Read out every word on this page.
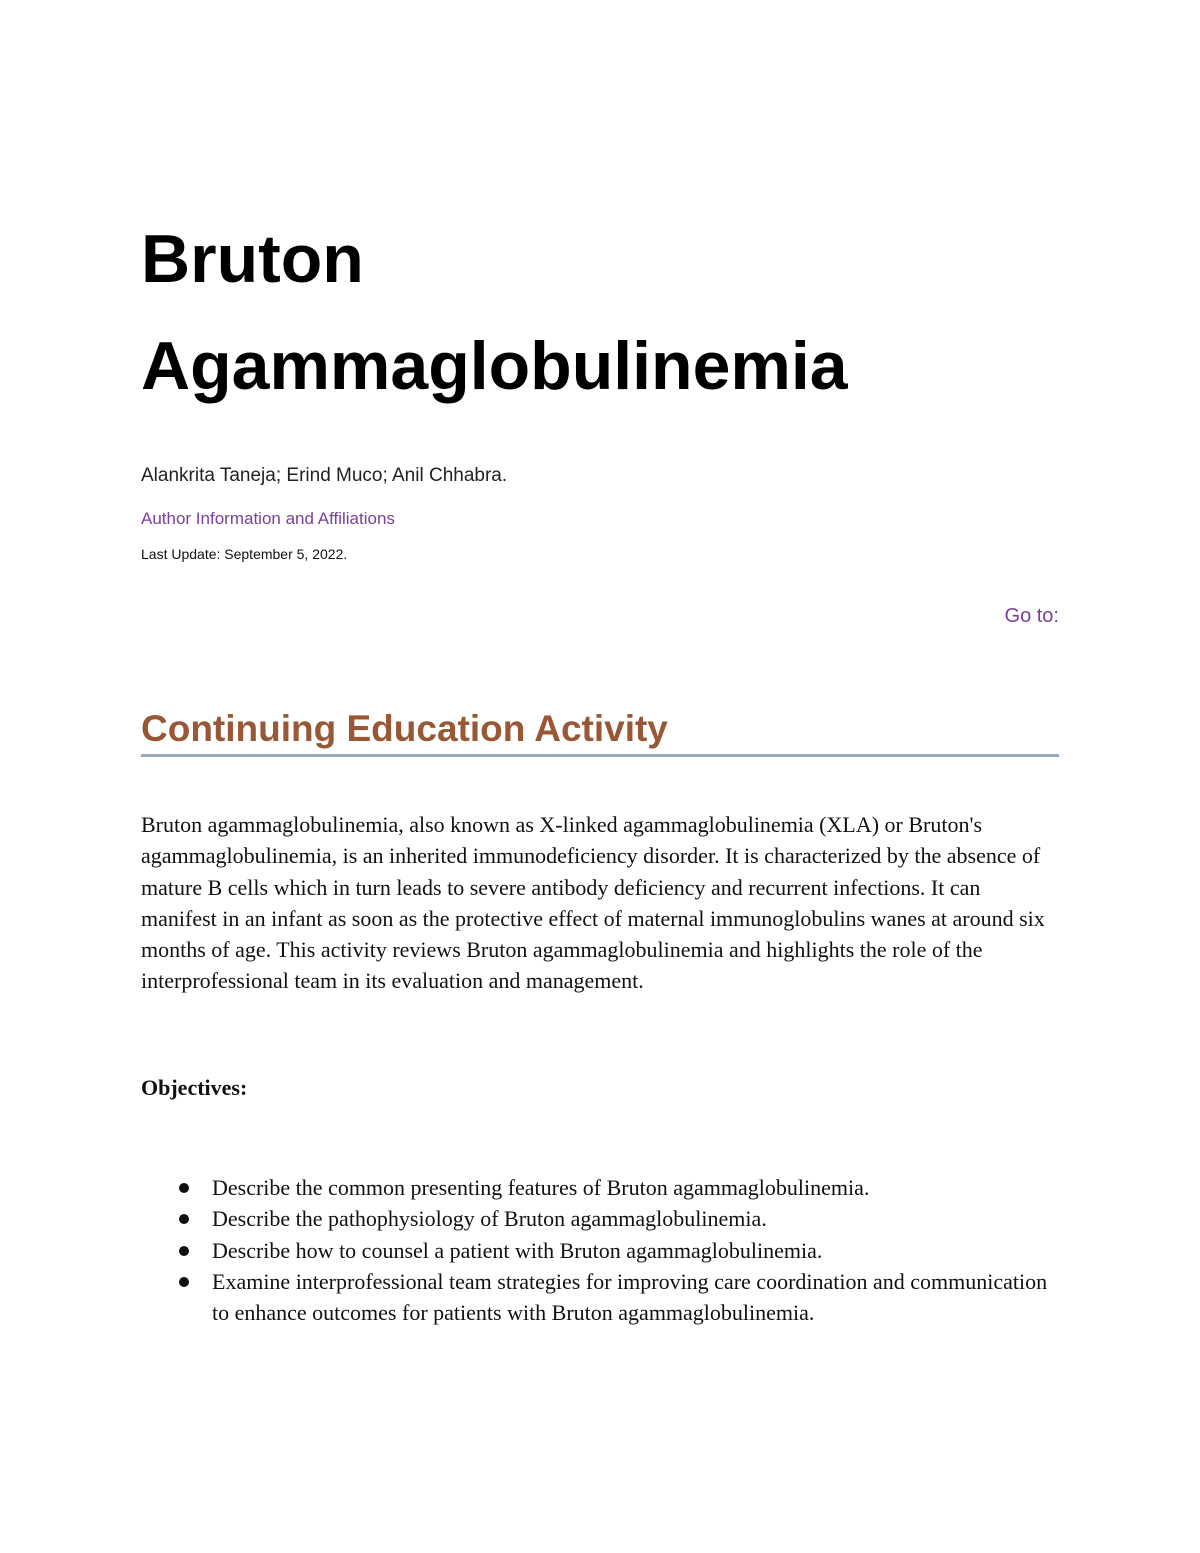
Bruton Agammaglobulinemia
Alankrita Taneja; Erind Muco; Anil Chhabra.
Author Information and Affiliations
Last Update: September 5, 2022.
Go to:
Continuing Education Activity

Bruton agammaglobulinemia, also known as X-linked agammaglobulinemia (XLA) or Bruton's agammaglobulinemia, is an inherited immunodeficiency disorder. It is characterized by the absence of mature B cells which in turn leads to severe antibody deficiency and recurrent infections. It can manifest in an infant as soon as the protective effect of maternal immunoglobulins wanes at around six months of age. This activity reviews Bruton agammaglobulinemia and highlights the role of the interprofessional team in its evaluation and management.

Objectives:
Describe the common presenting features of Bruton agammaglobulinemia.
Describe the pathophysiology of Bruton agammaglobulinemia.
Describe how to counsel a patient with Bruton agammaglobulinemia.
Examine interprofessional team strategies for improving care coordination and communication to enhance outcomes for patients with Bruton agammaglobulinemia.
